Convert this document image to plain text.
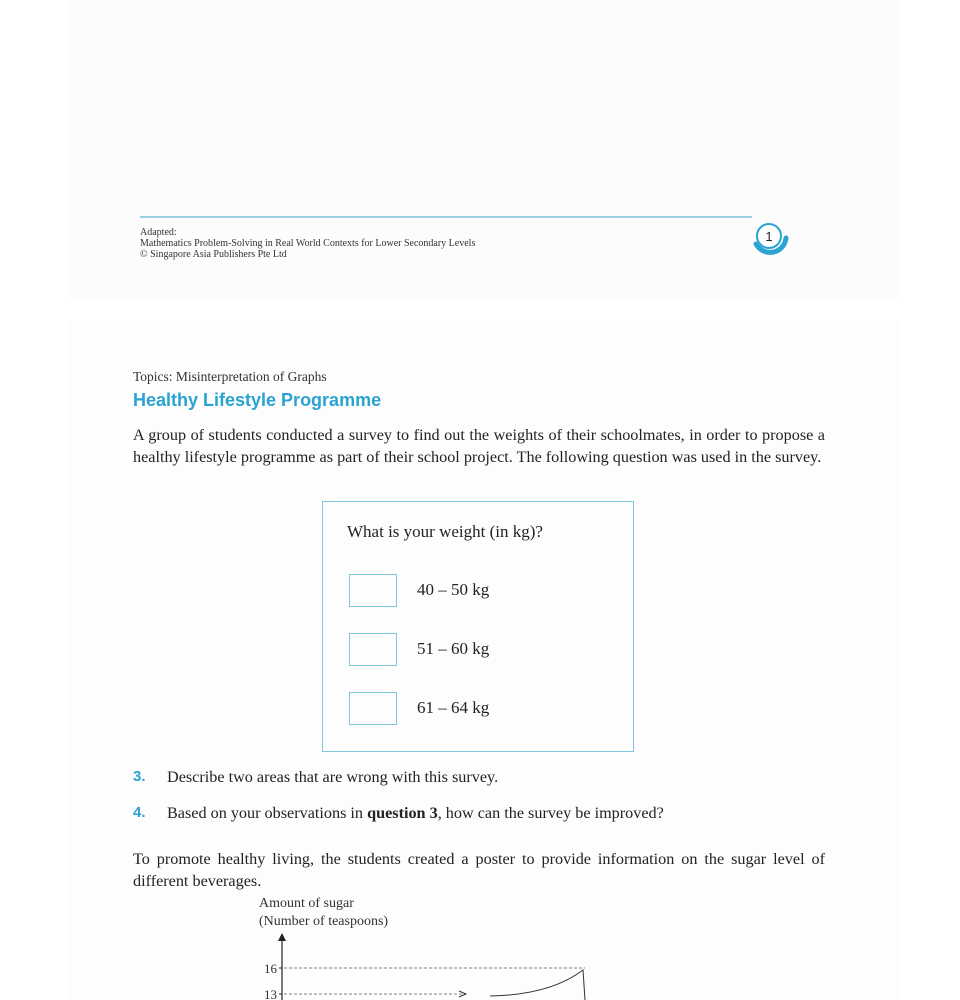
Adapted:
Mathematics Problem-Solving in Real World Contexts for Lower Secondary Levels
© Singapore Asia Publishers Pte Ltd
1
Topics: Misinterpretation of Graphs
Healthy Lifestyle Programme
A group of students conducted a survey to find out the weights of their schoolmates, in order to propose a healthy lifestyle programme as part of their school project. The following question was used in the survey.
What is your weight (in kg)?
40 – 50 kg
51 – 60 kg
61 – 64 kg
3. Describe two areas that are wrong with this survey.
4. Based on your observations in question 3, how can the survey be improved?
To promote healthy living, the students created a poster to provide information on the sugar level of different beverages.
Amount of sugar
(Number of teaspoons)
16
13
